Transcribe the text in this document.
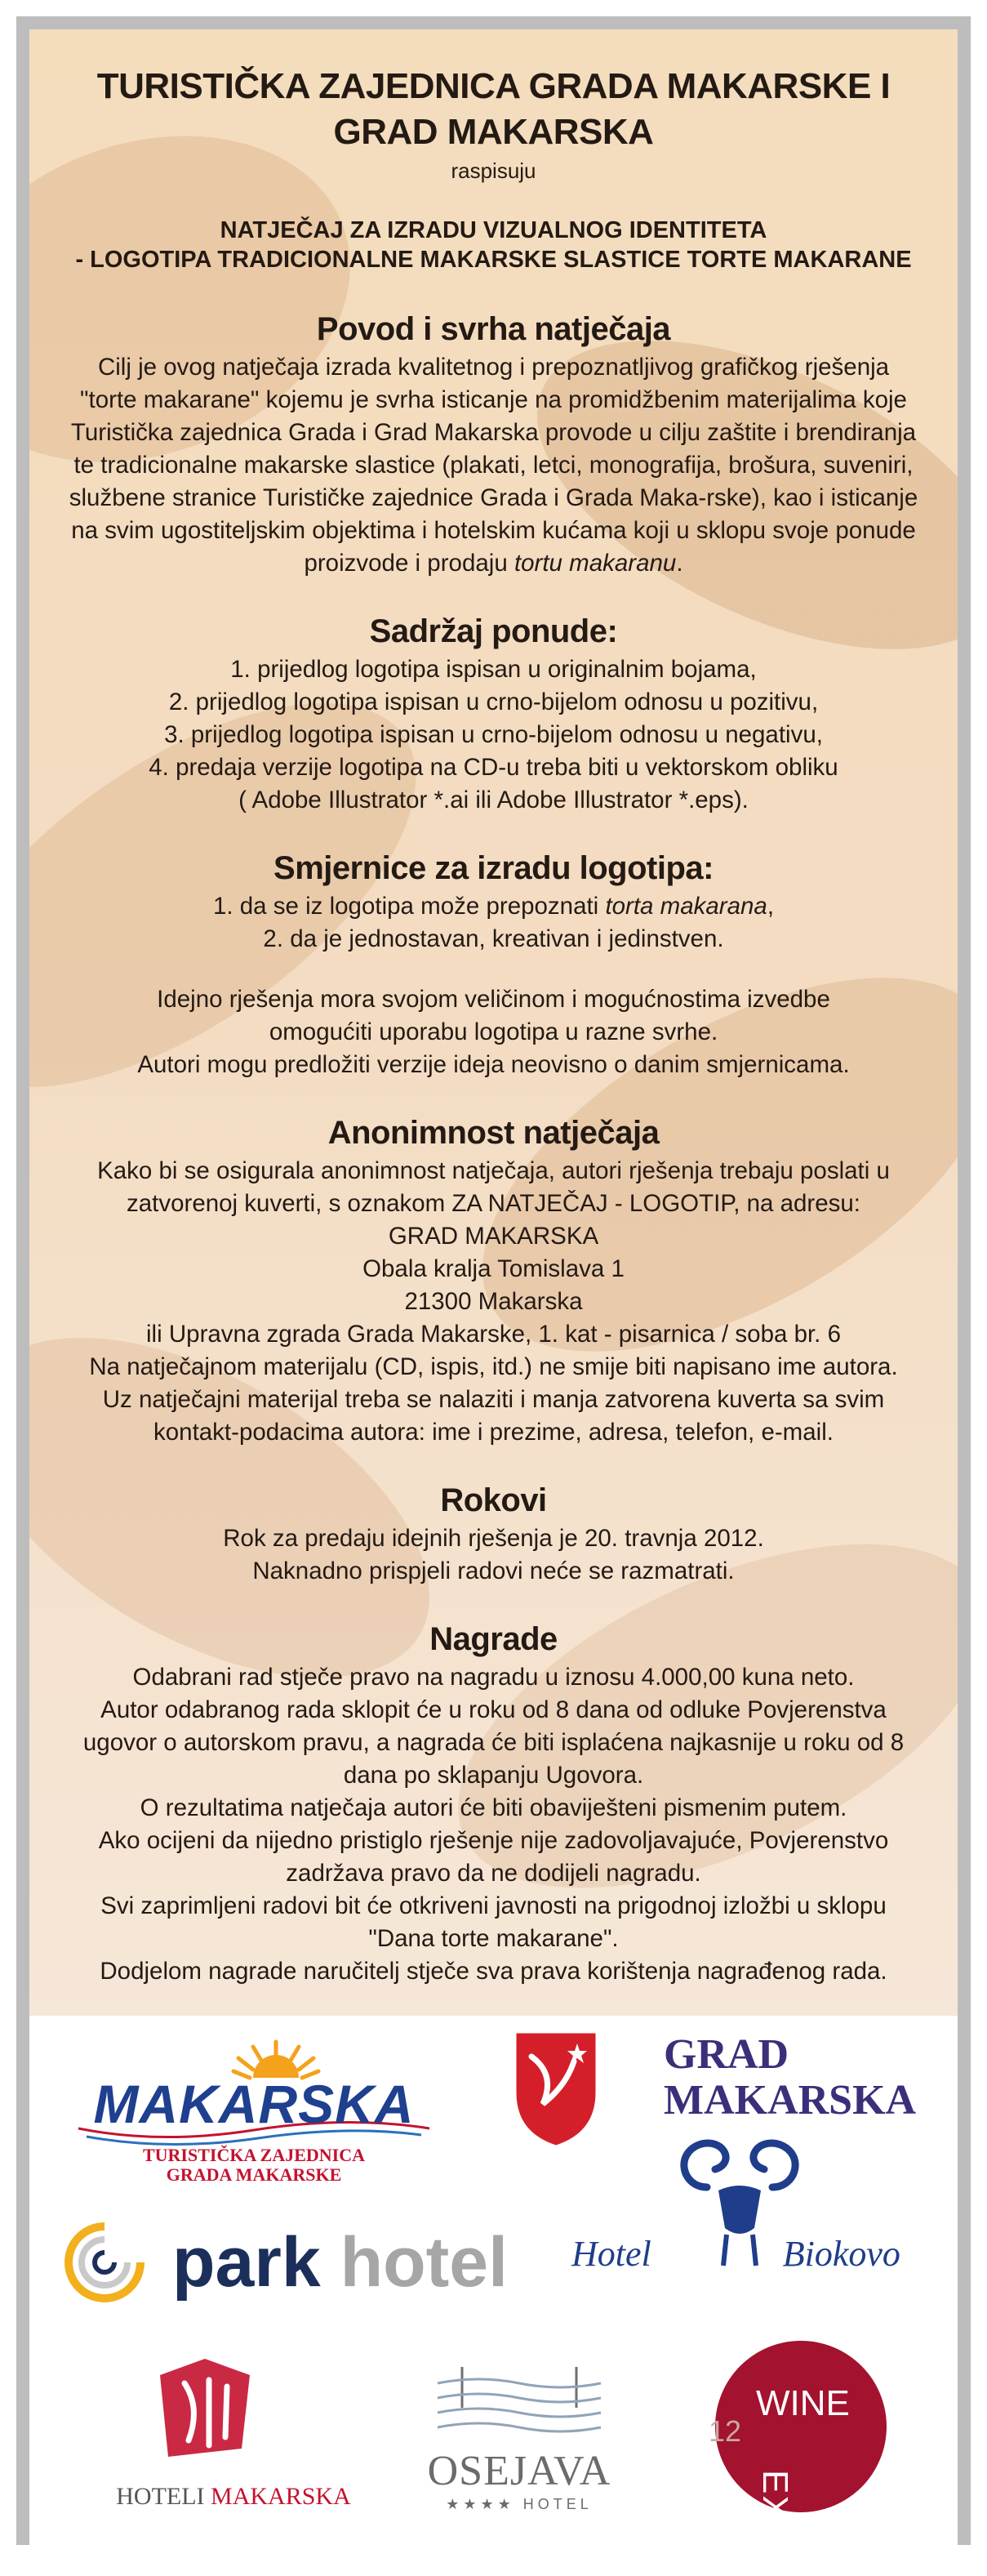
TURISTIČKA ZAJEDNICA GRADA MAKARSKE I GRAD MAKARSKA
raspisuju
NATJEČAJ ZA IZRADU VIZUALNOG IDENTITETA
- LOGOTIPA TRADICIONALNE MAKARSKE SLASTICE TORTE MAKARANE
Povod i svrha natječaja
Cilj je ovog natječaja izrada kvalitetnog i prepoznatljivog grafičkog rješenja "torte makarane" kojemu je svrha isticanje na promidžbenim materijalima koje Turistička zajednica Grada i Grad Makarska provode u cilju zaštite i brendiranja te tradicionalne makarske slastice (plakati, letci, monografija, brošura, suveniri, službene stranice Turističke zajednice Grada i Grada Maka-rske), kao i isticanje na svim ugostiteljskim objektima i hotelskim kućama koji u sklopu svoje ponude proizvode i prodaju tortu makaranu.
Sadržaj ponude:
1. prijedlog logotipa ispisan u originalnim bojama,
2. prijedlog logotipa ispisan u crno-bijelom odnosu u pozitivu,
3. prijedlog logotipa ispisan u crno-bijelom odnosu u negativu,
4. predaja verzije logotipa na CD-u treba biti u vektorskom obliku
( Adobe Illustrator *.ai ili Adobe Illustrator *.eps).
Smjernice za izradu logotipa:
1. da se iz logotipa može prepoznati torta makarana,
2. da je jednostavan, kreativan i jedinstven.
Idejno rješenja mora svojom veličinom i mogućnostima izvedbe
omogućiti uporabu logotipa u razne svrhe.
Autori mogu predložiti verzije ideja neovisno o danim smjernicama.
Anonimnost natječaja
Kako bi se osigurala anonimnost natječaja, autori rješenja trebaju poslati u zatvorenoj kuverti, s oznakom ZA NATJEČAJ - LOGOTIP, na adresu:
GRAD MAKARSKA
Obala kralja Tomislava 1
21300 Makarska
ili Upravna zgrada Grada Makarske, 1. kat - pisarnica / soba br. 6
Na natječajnom materijalu (CD, ispis, itd.) ne smije biti napisano ime autora.
Uz natječajni materijal treba se nalaziti i manja zatvorena kuverta sa svim kontakt-podacima autora: ime i prezime, adresa, telefon, e-mail.
Rokovi
Rok za predaju idejnih rješenja je 20. travnja 2012.
Naknadno prispjeli radovi neće se razmatrati.
Nagrade
Odabrani rad stječe pravo na nagradu u iznosu 4.000,00 kuna neto.
Autor odabranog rada sklopit će u roku od 8 dana od odluke Povjerenstva ugovor o autorskom pravu, a nagrada će biti isplaćena najkasnije u roku od 8 dana po sklapanju Ugovora.
O rezultatima natječaja autori će biti obaviješteni pismenim putem.
Ako ocijeni da nijedno pristiglo rješenje nije zadovoljavajuće, Povjerenstvo zadržava pravo da ne dodijeli nagradu.
Svi zaprimljeni radovi bit će otkriveni javnosti na prigodnoj izložbi u sklopu "Dana torte makarane".
Dodjelom nagrade naručitelj stječe sva prava korištenja nagrađenog rada.
MAKARSKA
TURISTIČKA ZAJEDNICA
GRADA MAKARSKE
GRAD
MAKARSKA
park hotel Hotel	Biokovo
HOTELI MAKARSKA
OSEJAVA
★★★★ HOTEL
12
WINE
EXPO
